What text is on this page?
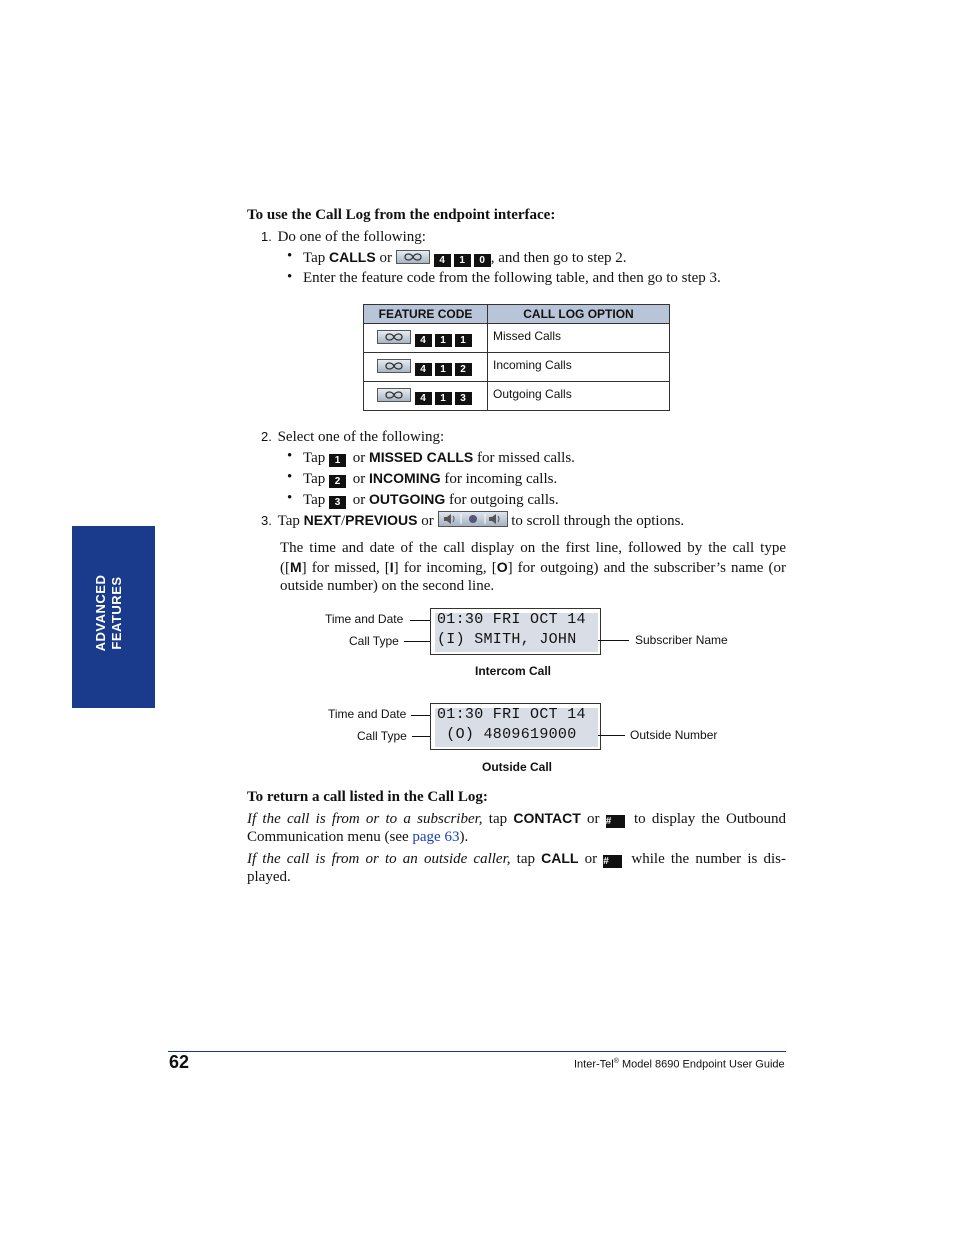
ADVANCED FEATURES
To use the Call Log from the endpoint interface:
1. Do one of the following:
• Tap CALLS or	4 1 0 , and then go to step 2.
• Enter the feature code from the following table, and then go to step 3.
FEATURE CODE	CALL LOG OPTION

4 1 1	Missed Calls

4 1 2	Incoming Calls

4 1 3	Outgoing Calls
2. Select one of the following:
• Tap 1 or MISSED CALLS for missed calls.
• Tap 2 or INCOMING for incoming calls.
• Tap 3 or OUTGOING for outgoing calls.
3. Tap NEXT/PREVIOUS or	to scroll through the options.
The time and date of the call display on the first line, followed by the call type
([M] for missed, [I] for incoming, [O] for outgoing) and the subscriber’s name (or
outside number) on the second line.
Time and Date
Call Type
01:30 FRI OCT 14
(I) SMITH, JOHN	Subscriber Name
Intercom Call
Time and Date
Call Type
01:30 FRI OCT 14
(O) 4809619000	Outside Number
Outside Call
To return a call listed in the Call Log:
If the call is from or to a subscriber, tap CONTACT or # to display the Outbound
Communication menu (see page 63).
If the call is from or to an outside caller, tap CALL or # while the number is dis-
played.
62	Inter-Tel® Model 8690 Endpoint User Guide
